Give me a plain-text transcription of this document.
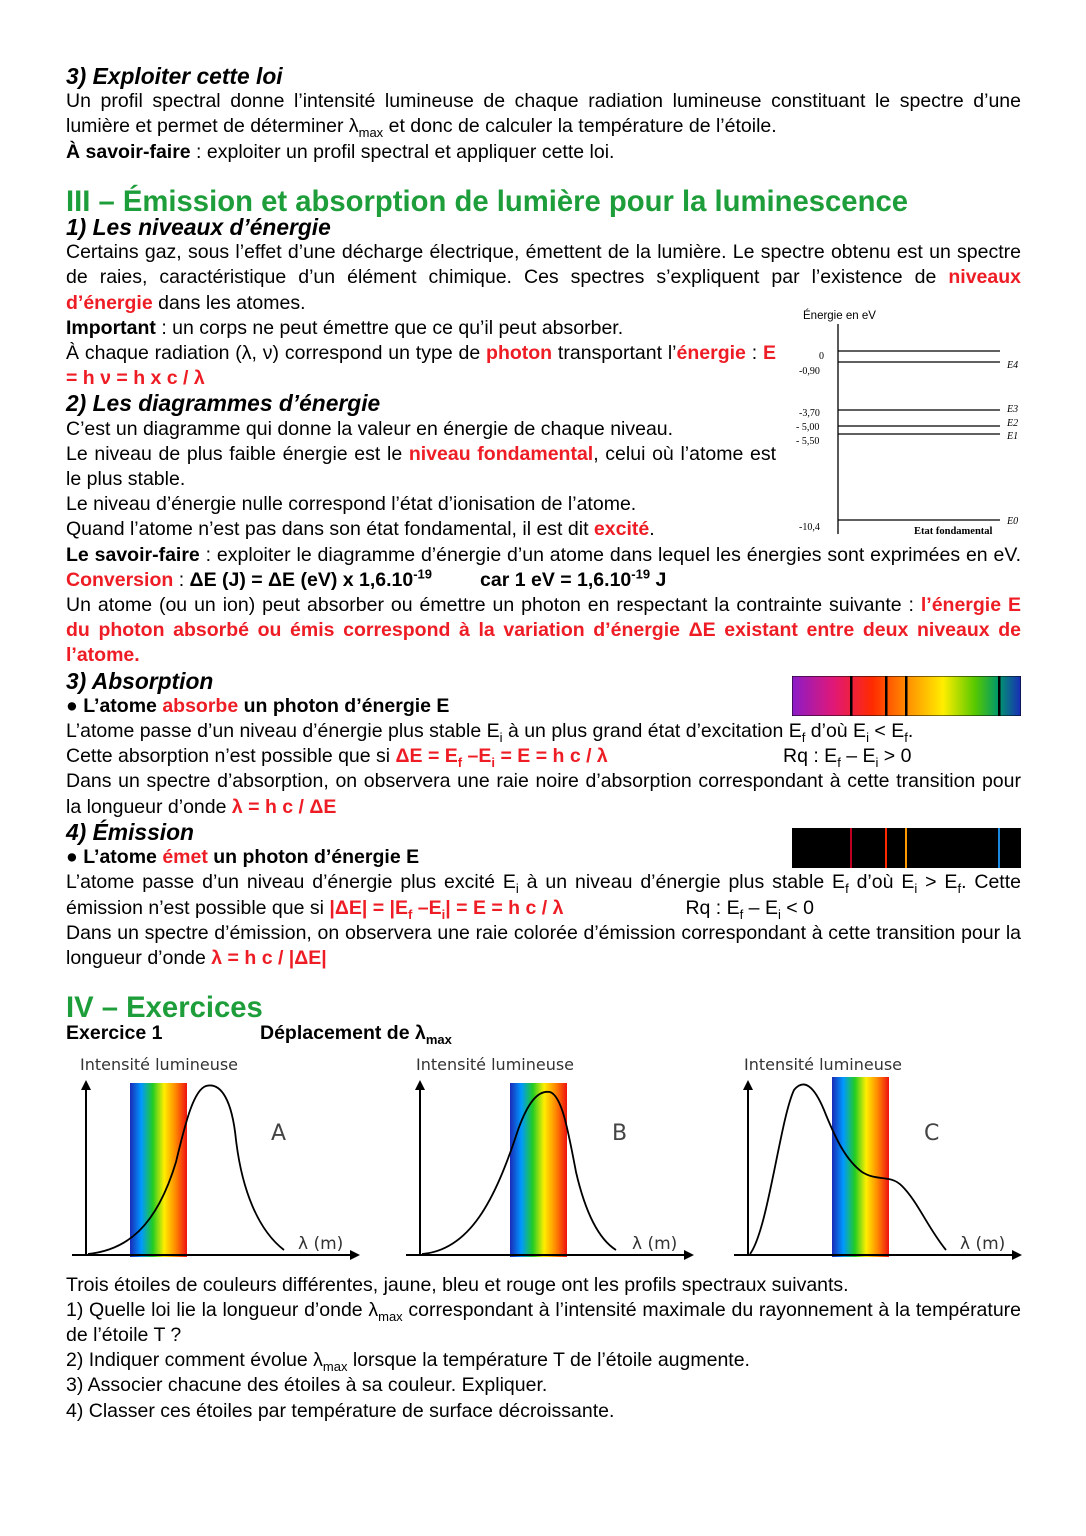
3) Exploiter cette loi

Un profil spectral donne l’intensité lumineuse de chaque radiation lumineuse constituant le spectre d’une lumière et permet de déterminer $\lambda_{max}$ et donc de calculer la température de l’étoile.

À savoir-faire : exploiter un profil spectral et appliquer cette loi.

III – Émission et absorption de lumière pour la luminescence
1) Les niveaux d’énergie

Certains gaz, sous l’effet d’une décharge électrique, émettent de la lumière. Le spectre obtenu est un spectre de raies, caractéristique d’un élément chimique. Ces spectres s’expliquent par l’existence de niveaux d’énergie dans les atomes.

Important : un corps ne peut émettre que ce qu’il peut absorber.

À chaque radiation (λ, ν) correspond un type de photon transportant l’énergie : E = h ν = h x c / λ

2) Les diagrammes d’énergie

C’est un diagramme qui donne la valeur en énergie de chaque niveau.

Le niveau de plus faible énergie est le niveau fondamental, celui où l’atome est le plus stable.

Le niveau d’énergie nulle correspond l’état d’ionisation de l’atome.

Quand l’atome n’est pas dans son état fondamental, il est dit excité.

Le savoir-faire : exploiter le diagramme d’énergie d’un atome dans lequel les énergies sont exprimées en eV. Conversion : ΔE (J) = ΔE (eV) x $1,6.10^{-19}$ car 1 eV = $1,6.10^{-19}$ J

Un atome (ou un ion) peut absorber ou émettre un photon en respectant la contrainte suivante : l’énergie E du photon absorbé ou émis correspond à la variation d’énergie ΔE existant entre deux niveaux de l’atome.

3) Absorption

● L’atome absorbe un photon d’énergie E

L’atome passe d’un niveau d’énergie plus stable $E_i$ à un plus grand état d’excitation $E_f$ d’où $E_i < E_f$.

Cette absorption n’est possible que si $\Delta E = E_f$ $-E_i = E = h$ c / λ	Rq : $E_f - E_i > 0$

Dans un spectre d’absorption, on observera une raie noire d’absorption correspondant à cette transition pour la longueur d’onde λ = h c / ΔE

4) Émission

● L’atome émet un photon d’énergie E

L’atome passe d’un niveau d’énergie plus excité $E_i$ à un niveau d’énergie plus stable $E_f$ d’où $E_i > E_f$. Cette émission n’est possible que si $|\Delta E| = |E_f$ $-E_i| = E = h$ c / λ	Rq : $E_f - E_i < 0$

Dans un spectre d’émission, on observera une raie colorée d’émission correspondant à cette transition pour la longueur d’onde λ = h c / |ΔE|

IV – Exercices

Exercice 1	Déplacement de $\lambda_{max}$

Trois étoiles de couleurs différentes, jaune, bleu et rouge ont les profils spectraux suivants.

1) Quelle loi lie la longueur d’onde $\lambda_{max}$ correspondant à l’intensité maximale du rayonnement à la température de l’étoile T ?

2) Indiquer comment évolue $\lambda_{max}$ lorsque la température T de l’étoile augmente.

3) Associer chacune des étoiles à sa couleur. Expliquer.

4) Classer ces étoiles par température de surface décroissante.

Énergie en eV
0
-0,90
-3,70
- 5,00
- 5,50
-10,4
E4
E3
E2
E1
E0
Etat fondamental
Intensité lumineuse
λ (m)
A
Intensité lumineuse
λ (m)
B
Intensité lumineuse
λ (m)
C
